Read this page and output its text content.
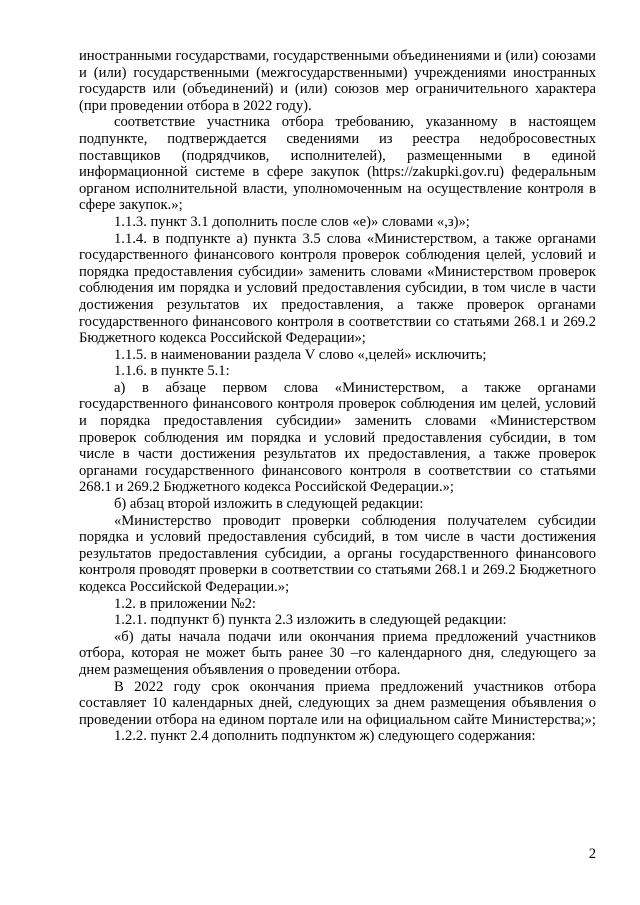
иностранными государствами, государственными объединениями и (или) союзами и (или) государственными (межгосударственными) учреждениями иностранных государств или (объединений) и (или) союзов мер ограничительного характера (при проведении отбора в 2022 году).

соответствие участника отбора требованию, указанному в настоящем подпункте, подтверждается сведениями из реестра недобросовестных поставщиков (подрядчиков, исполнителей), размещенными в единой информационной системе в сфере закупок (https://zakupki.gov.ru) федеральным органом исполнительной власти, уполномоченным на осуществление контроля в сфере закупок.»;

1.1.3. пункт 3.1 дополнить после слов «е)» словами «,з)»;

1.1.4. в подпункте а) пункта 3.5 слова «Министерством, а также органами государственного финансового контроля проверок соблюдения целей, условий и порядка предоставления субсидии» заменить словами «Министерством проверок соблюдения им порядка и условий предоставления субсидии, в том числе в части достижения результатов их предоставления, а также проверок органами государственного финансового контроля в соответствии со статьями 268.1 и 269.2 Бюджетного кодекса Российской Федерации»;

1.1.5. в наименовании раздела V слово «,целей» исключить;

1.1.6. в пункте 5.1:

а) в абзаце первом слова «Министерством, а также органами государственного финансового контроля проверок соблюдения им целей, условий и порядка предоставления субсидии» заменить словами «Министерством проверок соблюдения им порядка и условий предоставления субсидии, в том числе в части достижения результатов их предоставления, а также проверок органами государственного финансового контроля в соответствии со статьями 268.1 и 269.2 Бюджетного кодекса Российской Федерации.»;

б) абзац второй изложить в следующей редакции:

«Министерство проводит проверки соблюдения получателем субсидии порядка и условий предоставления субсидий, в том числе в части достижения результатов предоставления субсидии, а органы государственного финансового контроля проводят проверки в соответствии со статьями 268.1 и 269.2 Бюджетного кодекса Российской Федерации.»;

1.2. в приложении №2:

1.2.1. подпункт б) пункта 2.3 изложить в следующей редакции:

«б) даты начала подачи или окончания приема предложений участников отбора, которая не может быть ранее 30 –го календарного дня, следующего за днем размещения объявления о проведении отбора.

В 2022 году срок окончания приема предложений участников отбора составляет 10 календарных дней, следующих за днем размещения объявления о проведении отбора на едином портале или на официальном сайте Министерства;»;

1.2.2. пункт 2.4 дополнить подпунктом ж) следующего содержания:

2
